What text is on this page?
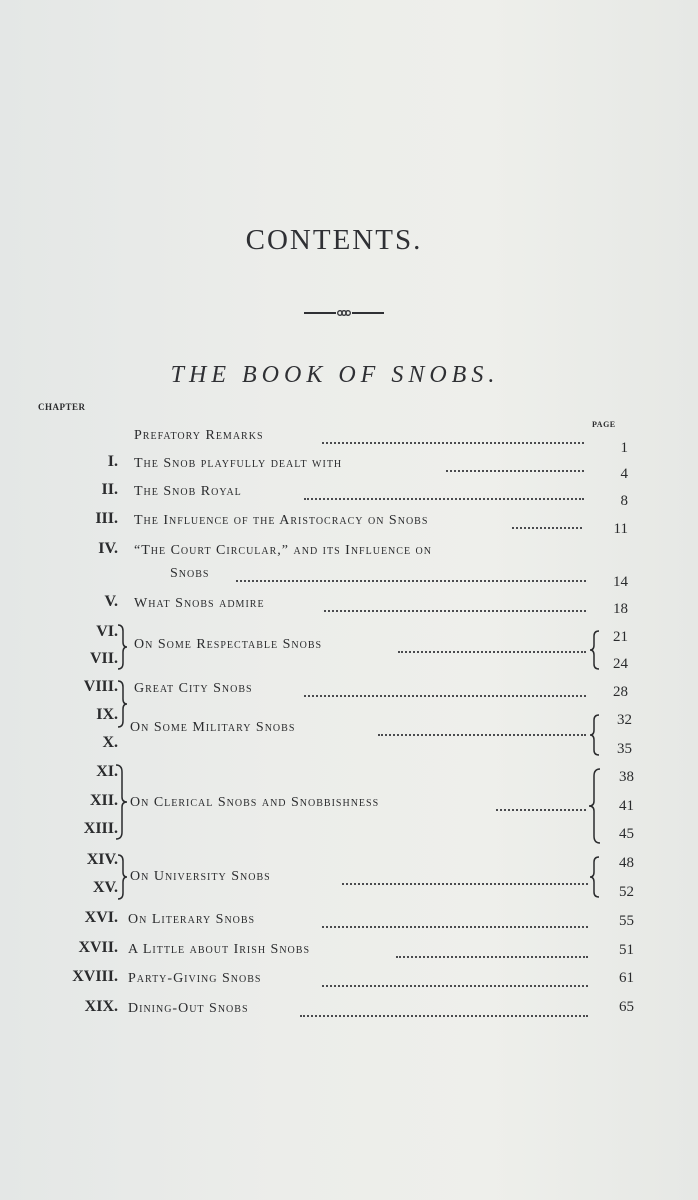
CONTENTS.
THE BOOK OF SNOBS.
CHAPTER
PAGE
I.
II.
III.
IV.
V.
VI.
VII.
VIII.
IX.
X.
XI.
XII.
XIII.
XIV.
XV.
XVI.
XVII.
XVIII.
XIX.
Prefatory Remarks
The Snob playfully dealt with
The Snob Royal
The Influence of the Aristocracy on Snobs
“The Court Circular,” and its Influence on
Snobs
What Snobs admire
On Some Respectable Snobs
Great City Snobs
On Some Military Snobs
On Clerical Snobs and Snobbishness
On University Snobs
On Literary Snobs
A Little about Irish Snobs
Party-Giving Snobs
Dining-Out Snobs
1
4
8
11
14
18
21
24
28
32
35
38
41
45
48
52
55
51
61
65
